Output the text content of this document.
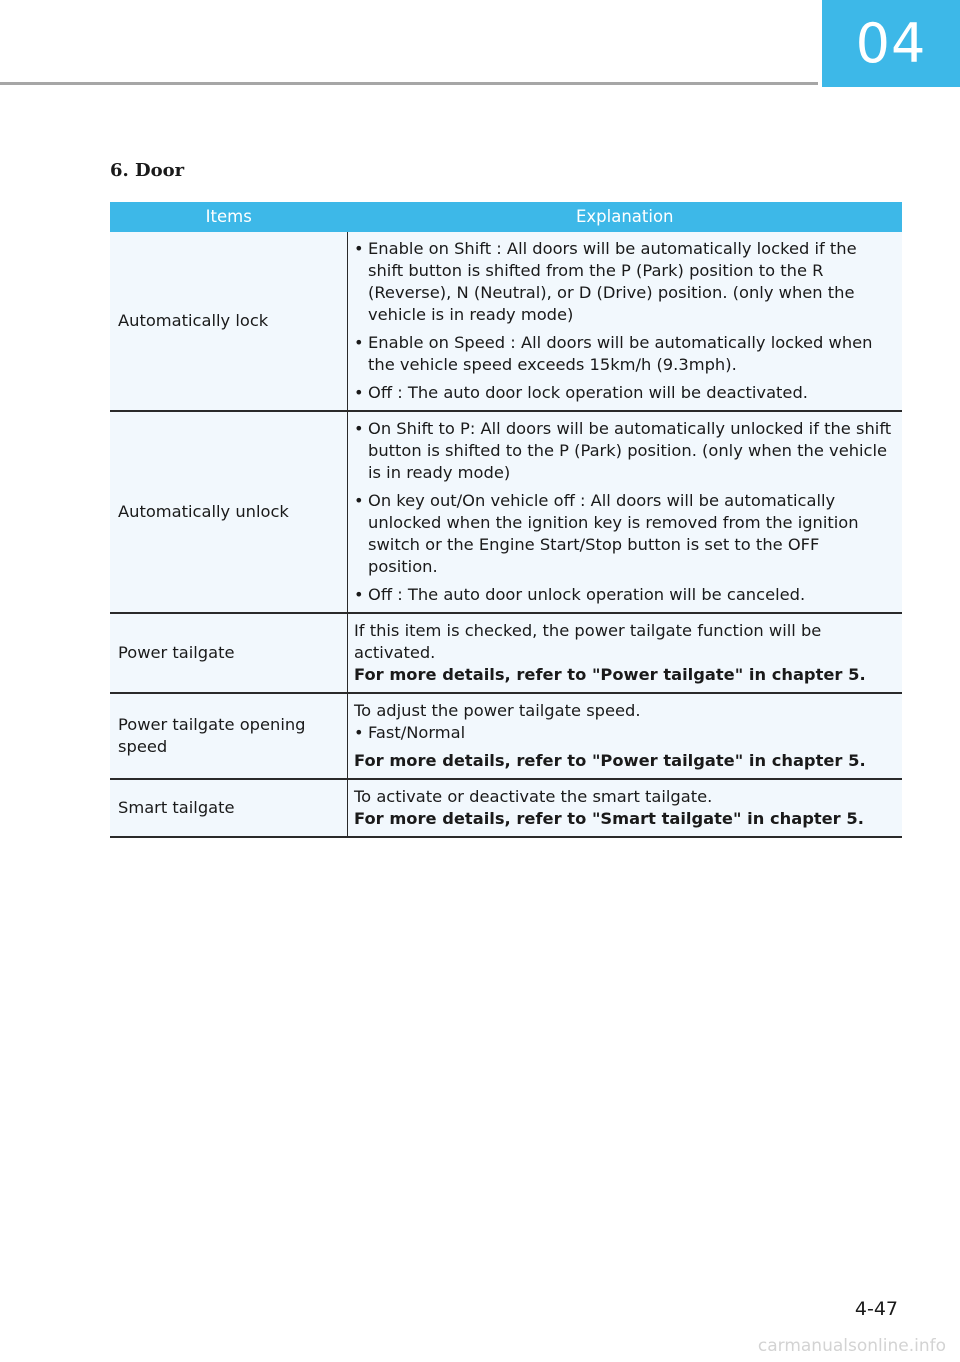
04
6. Door
Items	Explanation
Automatically lock	• Enable on Shift : All doors will be automatically locked if the shift button is shifted from the P (Park) position to the R (Reverse), N (Neutral), or D (Drive) position. (only when the vehicle is in ready mode)
• Enable on Speed : All doors will be automatically locked when the vehicle speed exceeds 15km/h (9.3mph).
• Off : The auto door lock operation will be deactivated.

Automatically unlock	• On Shift to P: All doors will be automatically unlocked if the shift button is shifted to the P (Park) position. (only when the vehicle is in ready mode)
• On key out/On vehicle off : All doors will be automatically unlocked when the ignition key is removed from the ignition switch or the Engine Start/Stop button is set to the OFF position.
• Off : The auto door unlock operation will be canceled.

Power tailgate	If this item is checked, the power tailgate function will be activated.

For more details, refer to "Power tailgate" in chapter 5.

Power tailgate opening speed	To adjust the power tailgate speed.

• Fast/Normal

For more details, refer to "Power tailgate" in chapter 5.

Smart tailgate	To activate or deactivate the smart tailgate.

For more details, refer to "Smart tailgate" in chapter 5.

4-47
carmanualsonline.info
